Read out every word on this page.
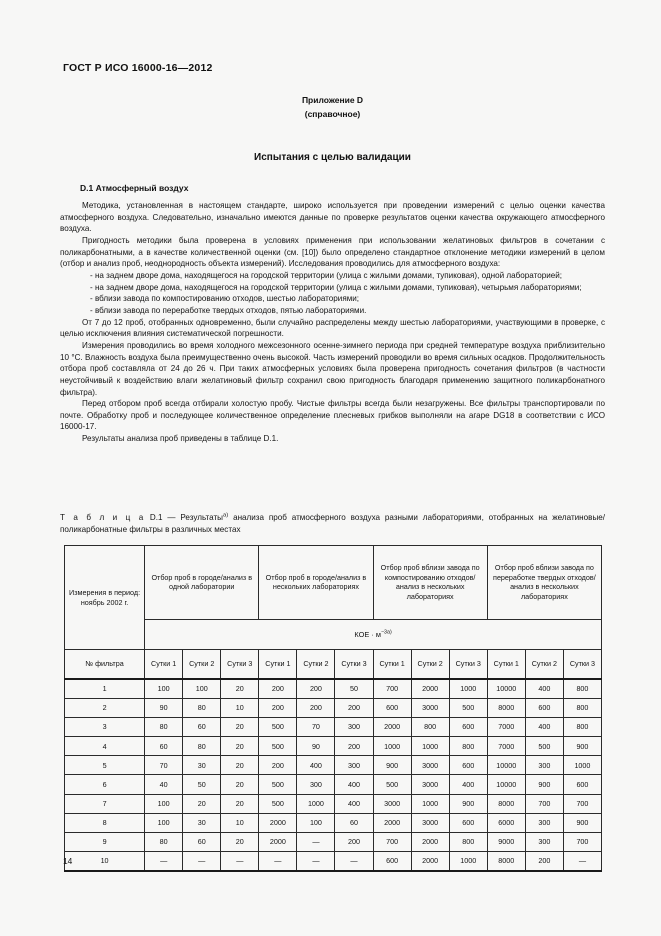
ГОСТ Р ИСО 16000-16—2012
Приложение D
(справочное)
Испытания с целью валидации
D.1 Атмосферный воздух

Методика, установленная в настоящем стандарте, широко используется при проведении измерений с целью оценки качества атмосферного воздуха. Следовательно, изначально имеются данные по проверке результатов оценки качества окружающего атмосферного воздуха.

Пригодность методики была проверена в условиях применения при использовании желатиновых фильтров в сочетании с поликарбонатными, а в качестве количественной оценки (см. [10]) было определено стандартное отклонение методики измерений в целом (отбор и анализ проб, неоднородность объекта измерений). Исследования проводились для атмосферного воздуха:

- на заднем дворе дома, находящегося на городской территории (улица с жилыми домами, тупиковая), одной лабораторией;

- на заднем дворе дома, находящегося на городской территории (улица с жилыми домами, тупиковая), четырьмя лабораториями;

- вблизи завода по компостированию отходов, шестью лабораториями;

- вблизи завода по переработке твердых отходов, пятью лабораториями.

От 7 до 12 проб, отобранных одновременно, были случайно распределены между шестью лабораториями, участвующими в проверке, с целью исключения влияния систематической погрешности.

Измерения проводились во время холодного межсезонного осенне-зимнего периода при средней температуре воздуха приблизительно 10 °C. Влажность воздуха была преимущественно очень высокой. Часть измерений проводили во время сильных осадков. Продолжительность отбора проб составляла от 24 до 26 ч. При таких атмосферных условиях была проверена пригодность сочетания фильтров (в частности неустойчивый к воздействию влаги желатиновый фильтр сохранил свою пригодность благодаря применению защитного поликарбонатного фильтра).

Перед отбором проб всегда отбирали холостую пробу. Чистые фильтры всегда были незагружены. Все фильтры транспортировали по почте. Обработку проб и последующее количественное определение плесневых грибков выполняли на агаре DG18 в соответствии с ИСО 16000-17.

Результаты анализа проб приведены в таблице D.1.

Т а б л и ц а D.1 — Результаты$^{a)}$ анализа проб атмосферного воздуха разными лабораториями, отобранных на желатиновые/поликарбонатные фильтры в различных местах
Измерения в период: ноябрь 2002 г.	Отбор проб в городе/анализ в одной лаборатории			Отбор проб в городе/анализ в нескольких лабораториях			Отбор проб вблизи завода по компостированию отходов/анализ в нескольких лабораториях			Отбор проб вблизи завода по переработке твердых отходов/анализ в нескольких лабораториях		
	КОЕ · $м^{-3a)}$
№ фильтра	Сутки 1	Сутки 2	Сутки 3	Сутки 1	Сутки 2	Сутки 3	Сутки 1	Сутки 2	Сутки 3	Сутки 1	Сутки 2	Сутки 3
1	100	100	20	200	200	50	700	2000	1000	10000	400	800
2	90	80	10	200	200	200	600	3000	500	8000	600	800
3	80	60	20	500	70	300	2000	800	600	7000	400	800
4	60	80	20	500	90	200	1000	1000	800	7000	500	900
5	70	30	20	200	400	300	900	3000	600	10000	300	1000
6	40	50	20	500	300	400	500	3000	400	10000	900	600
7	100	20	20	500	1000	400	3000	1000	900	8000	700	700
8	100	30	10	2000	100	60	2000	3000	600	6000	300	900
9	80	60	20	2000	—	200	700	2000	800	9000	300	700
10	—	—	—	—	—	—	600	2000	1000	8000	200	—
14
